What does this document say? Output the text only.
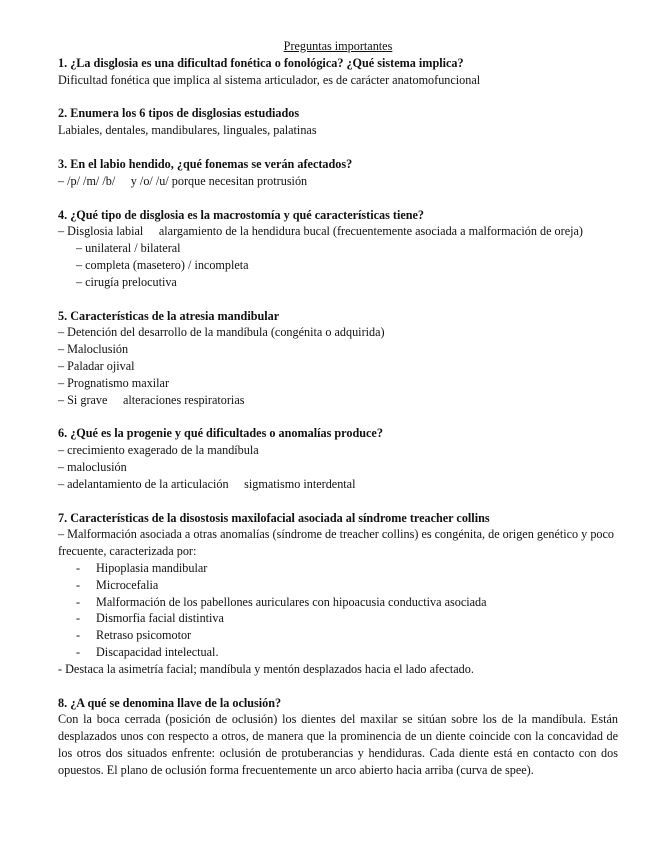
Preguntas importantes

1. ¿La disglosia es una dificultad fonética o fonológica? ¿Qué sistema implica?

Dificultad fonética que implica al sistema articulador, es de carácter anatomofuncional

2. Enumera los 6 tipos de disglosias estudiados

Labiales, dentales, mandibulares, linguales, palatinas

3. En el labio hendido, ¿qué fonemas se verán afectados?

– /p/ /m/ /b/   y /o/ /u/ porque necesitan protrusión

4. ¿Qué tipo de disglosia es la macrostomía y qué características tiene?

– Disglosia labial   alargamiento de la hendidura bucal (frecuentemente asociada a malformación de oreja)

– unilateral / bilateral

– completa (masetero) / incompleta

– cirugía prelocutiva

5. Características de la atresia mandibular

– Detención del desarrollo de la mandíbula (congénita o adquirida)

– Maloclusión

– Paladar ojival

– Prognatismo maxilar

– Si grave   alteraciones respiratorias

6. ¿Qué es la progenie y qué dificultades o anomalías produce?

– crecimiento exagerado de la mandíbula

– maloclusión

– adelantamiento de la articulación   sigmatismo interdental

7. Características de la disostosis maxilofacial asociada al síndrome treacher collins

– Malformación asociada a otras anomalías (síndrome de treacher collins) es congénita, de origen genético y poco frecuente, caracterizada por:

- Hipoplasia mandibular
- Microcefalia
- Malformación de los pabellones auriculares con hipoacusia conductiva asociada
- Dismorfia facial distintiva
- Retraso psicomotor
- Discapacidad intelectual.

- Destaca la asimetría facial; mandíbula y mentón desplazados hacia el lado afectado.

8. ¿A qué se denomina llave de la oclusión?

Con la boca cerrada (posición de oclusión) los dientes del maxilar se sitúan sobre los de la mandíbula. Están desplazados unos con respecto a otros, de manera que la prominencia de un diente coincide con la concavidad de los otros dos situados enfrente: oclusión de protuberancias y hendiduras. Cada diente está en contacto con dos opuestos. El plano de oclusión forma frecuentemente un arco abierto hacia arriba (curva de spee).
